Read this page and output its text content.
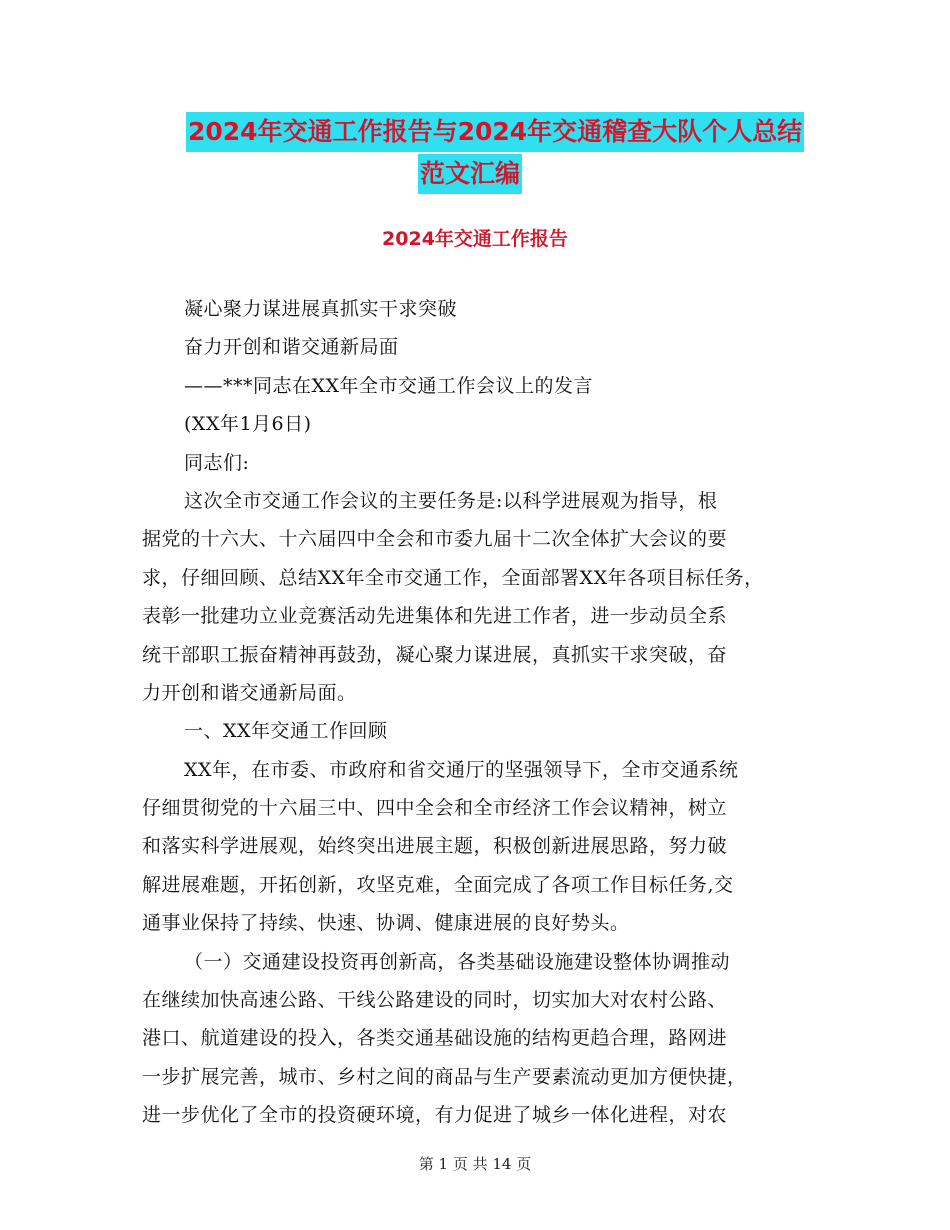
2024年交通工作报告与2024年交通稽查大队个人总结
范文汇编
2024年交通工作报告
凝心聚力谋进展真抓实干求突破
奋力开创和谐交通新局面
——***同志在XX年全市交通工作会议上的发言
(XX年1月6日)
同志们:
这次全市交通工作会议的主要任务是:以科学进展观为指导，根
据党的十六大、十六届四中全会和市委九届十二次全体扩大会议的要
求，仔细回顾、总结XX年全市交通工作，全面部署XX年各项目标任务，
表彰一批建功立业竞赛活动先进集体和先进工作者，进一步动员全系
统干部职工振奋精神再鼓劲，凝心聚力谋进展，真抓实干求突破，奋
力开创和谐交通新局面。
一、XX年交通工作回顾
XX年，在市委、市政府和省交通厅的坚强领导下，全市交通系统
仔细贯彻党的十六届三中、四中全会和全市经济工作会议精神，树立
和落实科学进展观，始终突出进展主题，积极创新进展思路，努力破
解进展难题，开拓创新，攻坚克难，全面完成了各项工作目标任务,交
通事业保持了持续、快速、协调、健康进展的良好势头。
（一）交通建设投资再创新高，各类基础设施建设整体协调推动
在继续加快高速公路、干线公路建设的同时，切实加大对农村公路、
港口、航道建设的投入，各类交通基础设施的结构更趋合理，路网进
一步扩展完善，城市、乡村之间的商品与生产要素流动更加方便快捷，
进一步优化了全市的投资硬环境，有力促进了城乡一体化进程，对农
第 1 页 共 14 页
